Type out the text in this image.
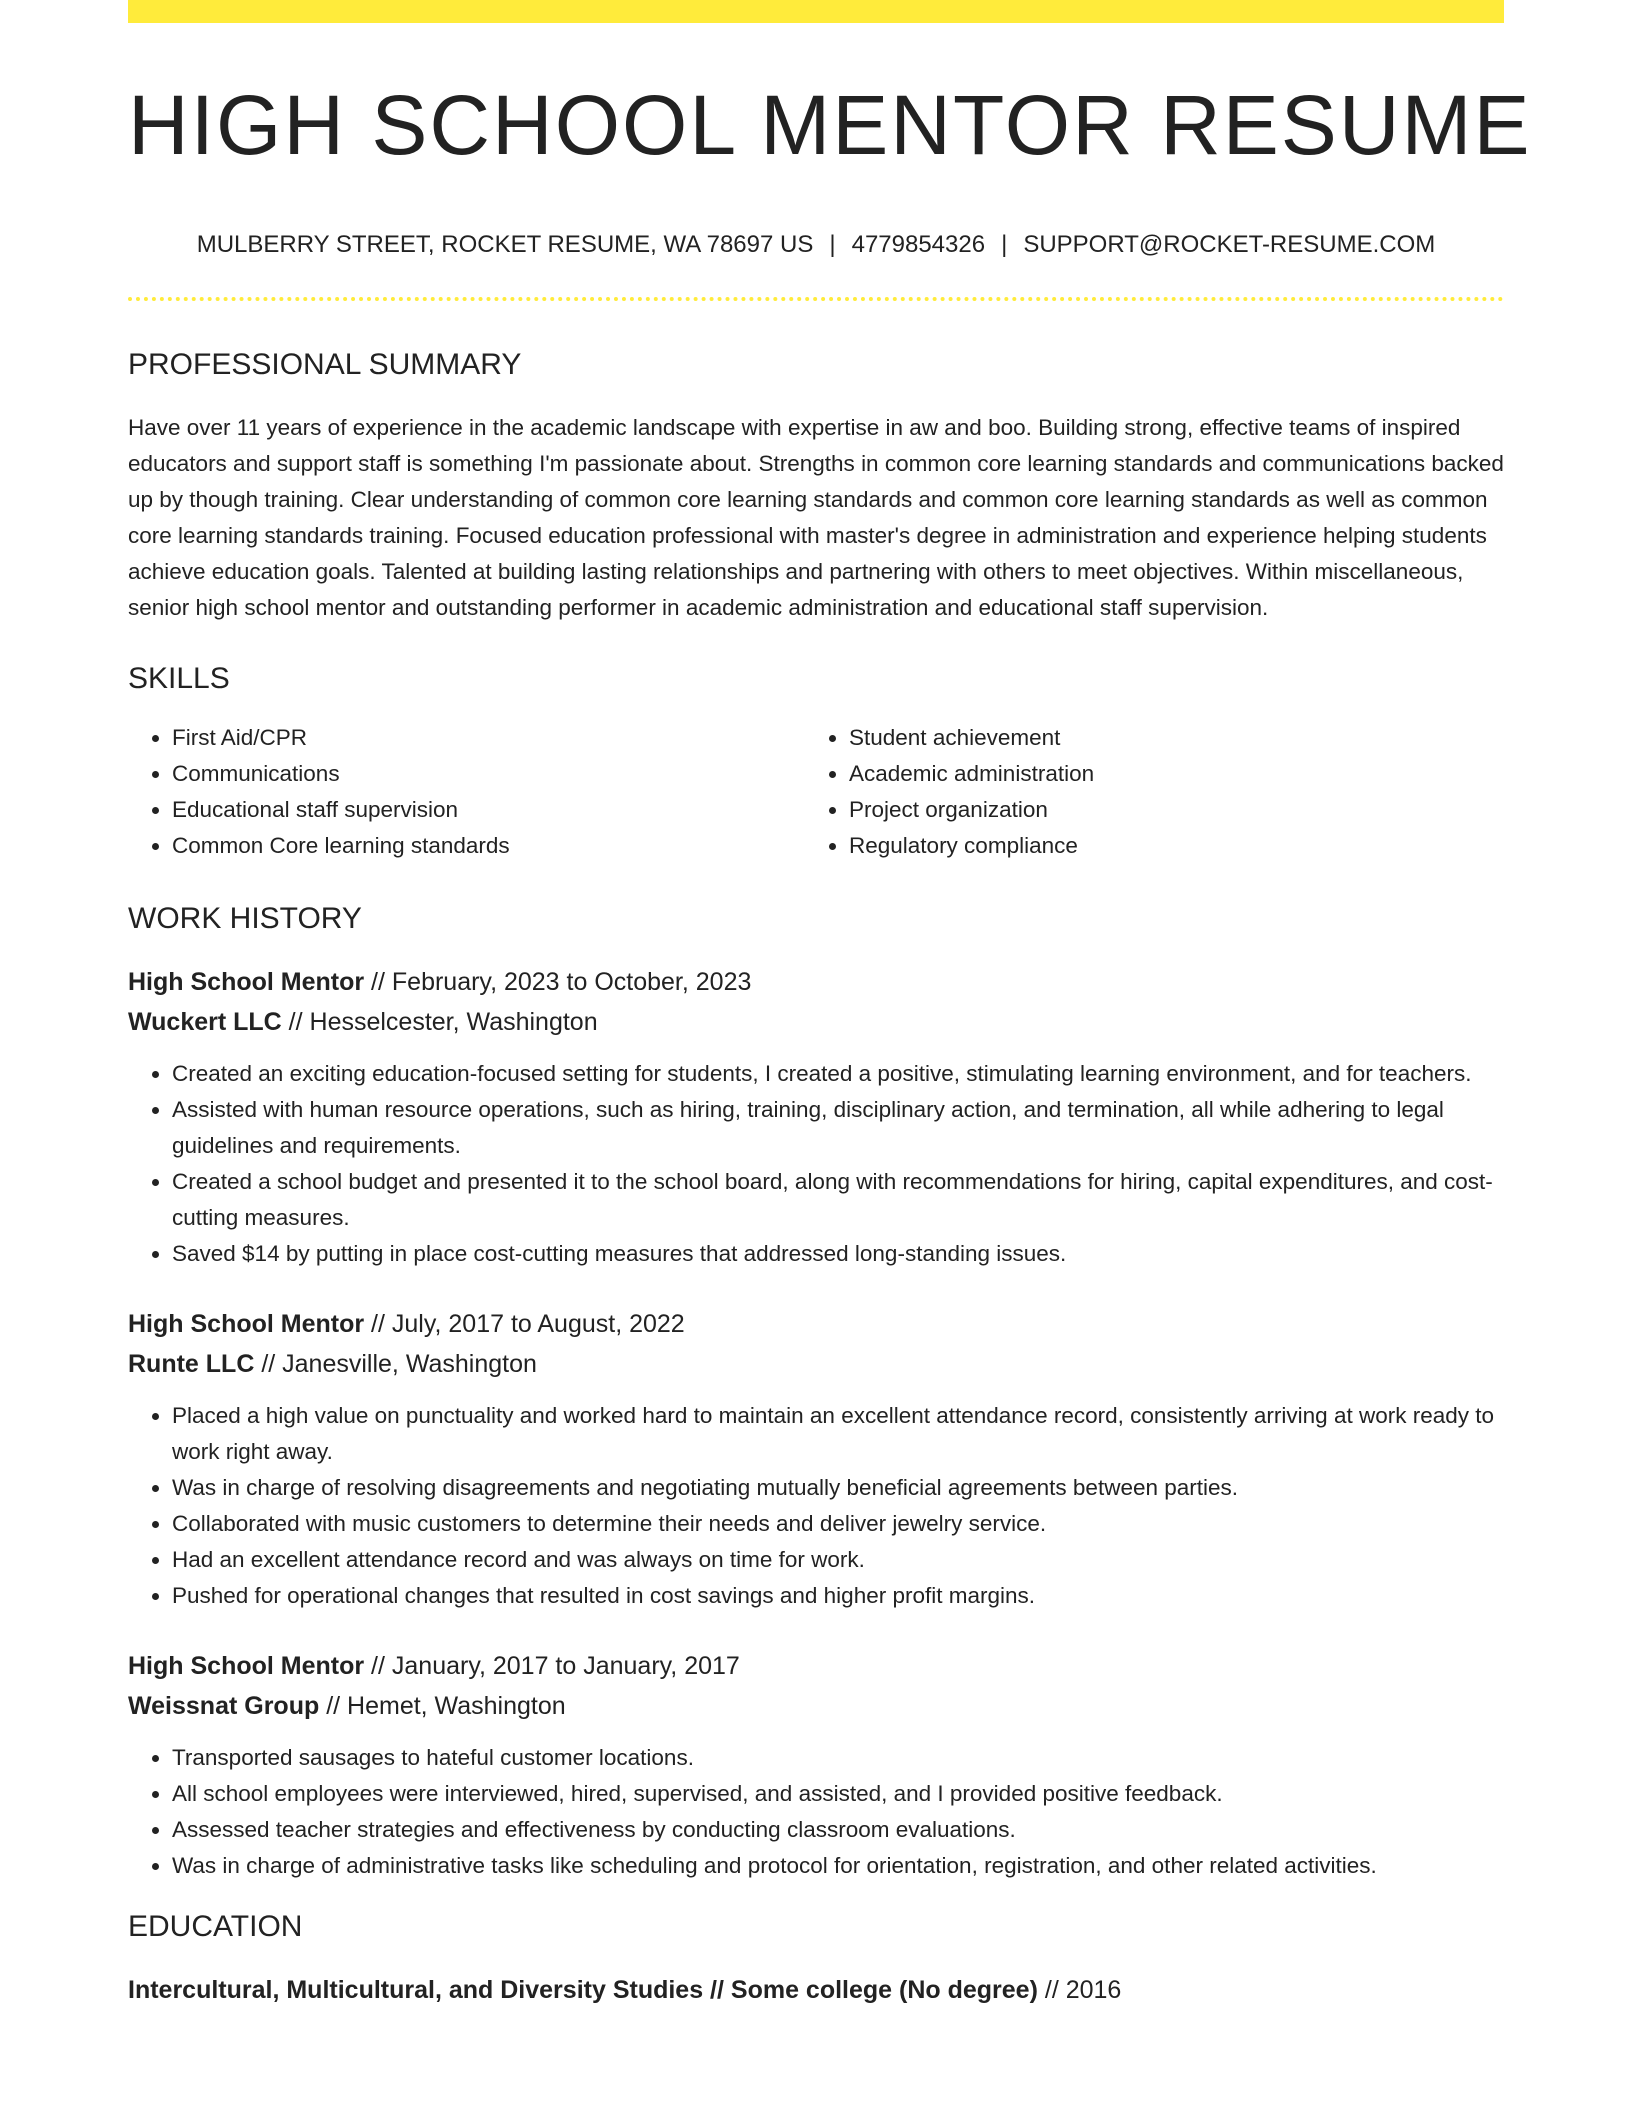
HIGH SCHOOL MENTOR RESUME
MULBERRY STREET, ROCKET RESUME, WA 78697 US | 4779854326 | SUPPORT@ROCKET-RESUME.COM
PROFESSIONAL SUMMARY

Have over 11 years of experience in the academic landscape with expertise in aw and boo. Building strong, effective teams of inspired educators and support staff is something I'm passionate about. Strengths in common core learning standards and communications backed up by though training. Clear understanding of common core learning standards and common core learning standards as well as common core learning standards training. Focused education professional with master's degree in administration and experience helping students achieve education goals. Talented at building lasting relationships and partnering with others to meet objectives. Within miscellaneous, senior high school mentor and outstanding performer in academic administration and educational staff supervision.

SKILLS
• First Aid/CPR
• Communications
• Educational staff supervision
• Common Core learning standards
• Student achievement
• Academic administration
• Project organization
• Regulatory compliance
WORK HISTORY
High School Mentor // February, 2023 to October, 2023
Wuckert LLC // Hesselcester, Washington
• Created an exciting education-focused setting for students, I created a positive, stimulating learning environment, and for teachers.
• Assisted with human resource operations, such as hiring, training, disciplinary action, and termination, all while adhering to legal guidelines and requirements.
• Created a school budget and presented it to the school board, along with recommendations for hiring, capital expenditures, and cost-cutting measures.
• Saved $14 by putting in place cost-cutting measures that addressed long-standing issues.
High School Mentor // July, 2017 to August, 2022
Runte LLC // Janesville, Washington
• Placed a high value on punctuality and worked hard to maintain an excellent attendance record, consistently arriving at work ready to work right away.
• Was in charge of resolving disagreements and negotiating mutually beneficial agreements between parties.
• Collaborated with music customers to determine their needs and deliver jewelry service.
• Had an excellent attendance record and was always on time for work.
• Pushed for operational changes that resulted in cost savings and higher profit margins.
High School Mentor // January, 2017 to January, 2017
Weissnat Group // Hemet, Washington
• Transported sausages to hateful customer locations.
• All school employees were interviewed, hired, supervised, and assisted, and I provided positive feedback.
• Assessed teacher strategies and effectiveness by conducting classroom evaluations.
• Was in charge of administrative tasks like scheduling and protocol for orientation, registration, and other related activities.
EDUCATION
Intercultural, Multicultural, and Diversity Studies // Some college (No degree) // 2016
